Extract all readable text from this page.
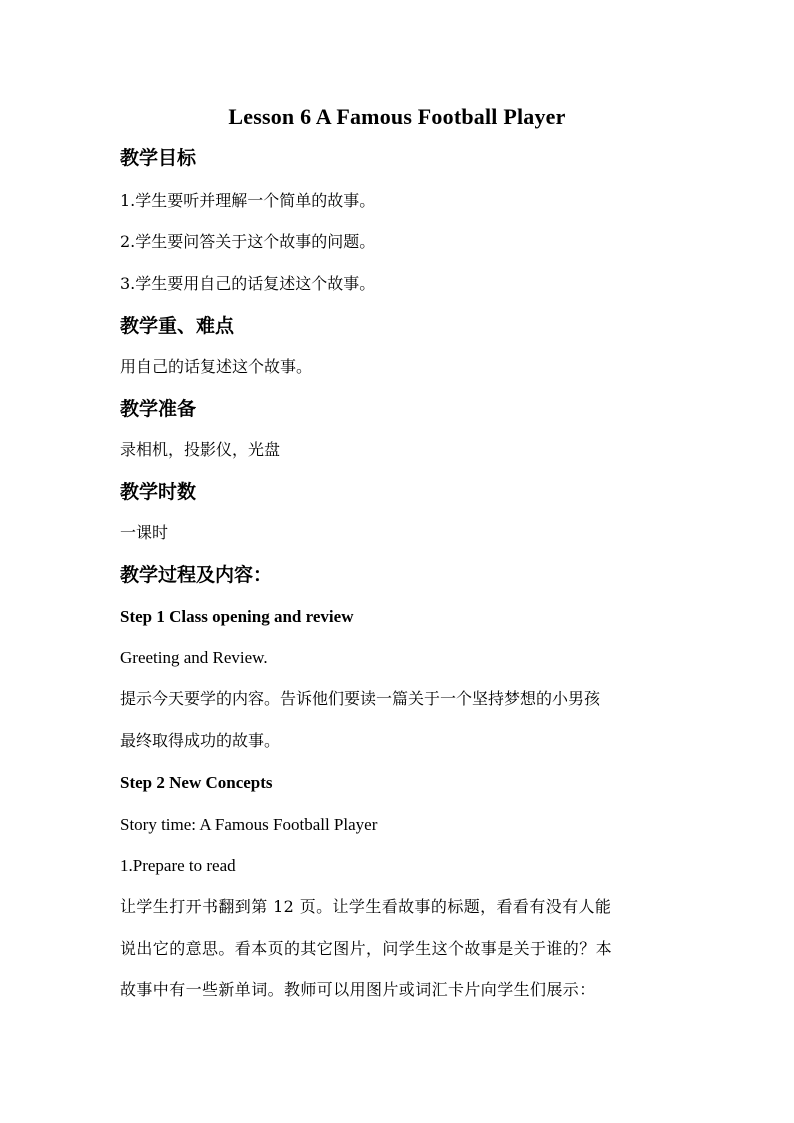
Lesson 6 A Famous Football Player
教学目标
1.学生要听并理解一个简单的故事。
2.学生要问答关于这个故事的问题。
3.学生要用自己的话复述这个故事。
教学重、难点
用自己的话复述这个故事。
教学准备
录相机，投影仪，光盘
教学时数
一课时
教学过程及内容：
Step 1 Class opening and review
Greeting and Review.
提示今天要学的内容。告诉他们要读一篇关于一个坚持梦想的小男孩
最终取得成功的故事。
Step 2 New Concepts
Story time: A Famous Football Player
1.Prepare to read
让学生打开书翻到第 12 页。让学生看故事的标题，看看有没有人能
说出它的意思。看本页的其它图片，问学生这个故事是关于谁的？本
故事中有一些新单词。教师可以用图片或词汇卡片向学生们展示：
